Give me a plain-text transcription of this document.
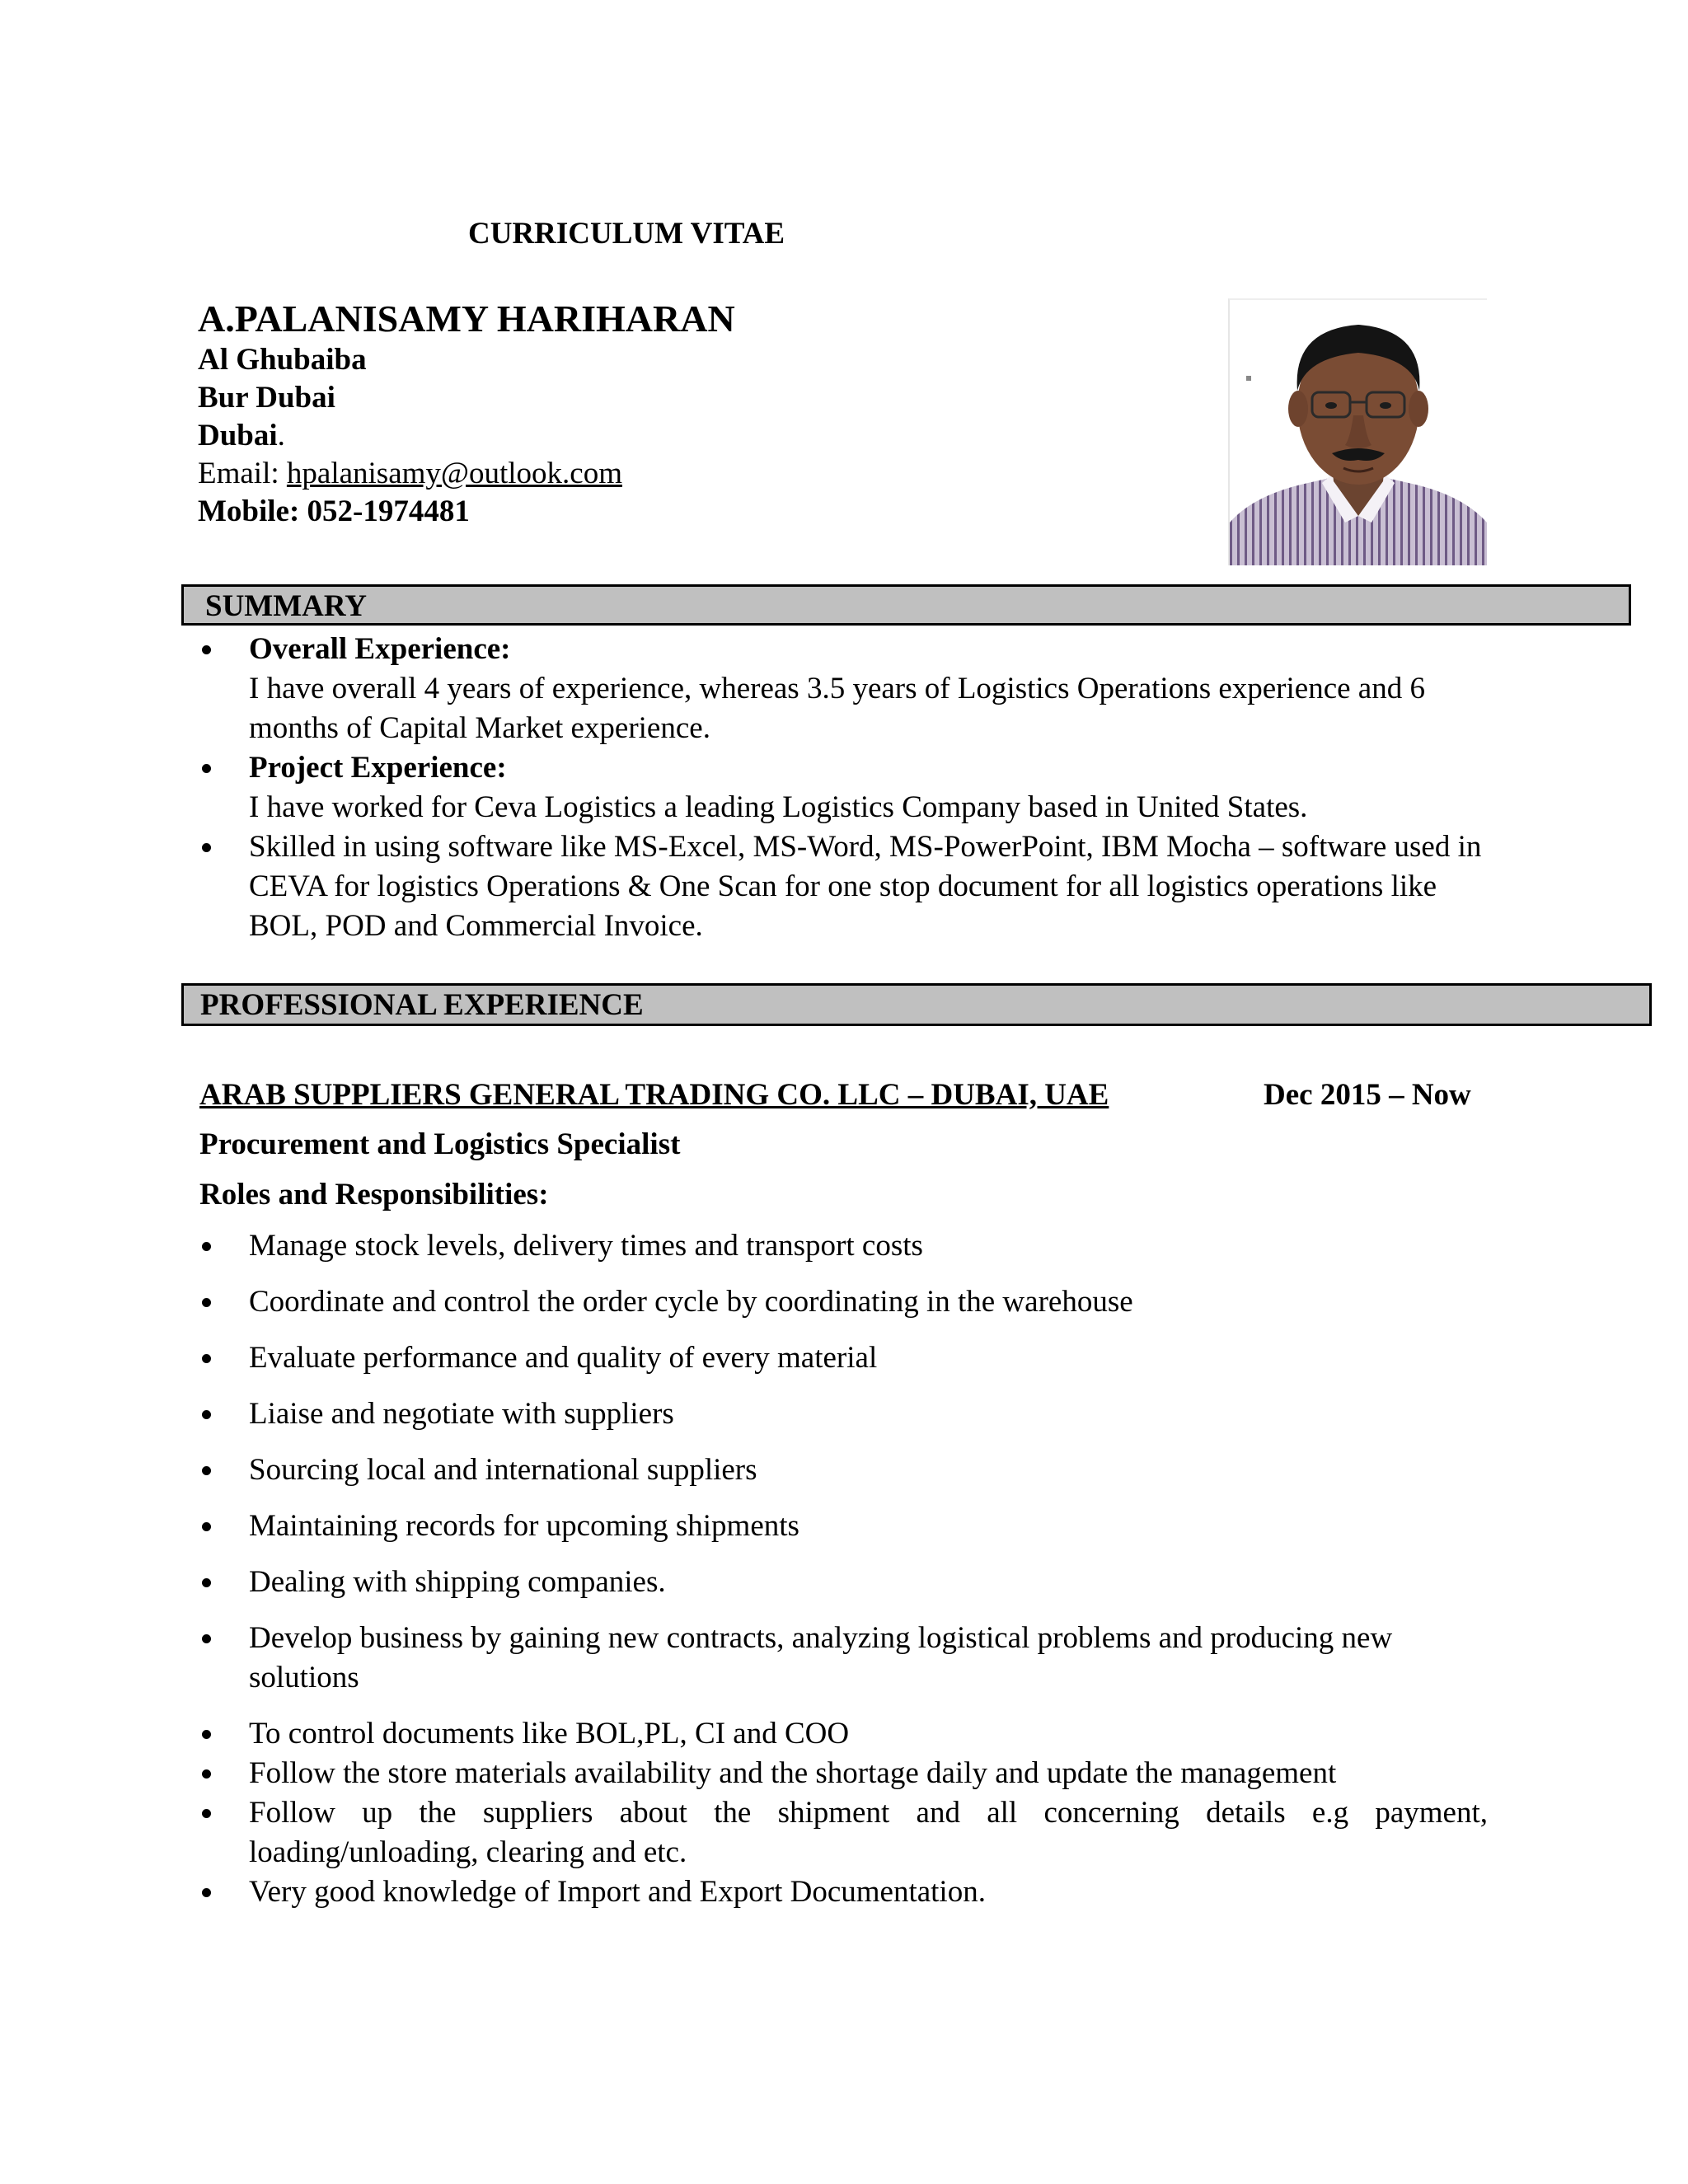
CURRICULUM VITAE
A.PALANISAMY HARIHARAN
Al Ghubaiba
Bur Dubai
Dubai.
Email: hpalanisamy@outlook.com
Mobile: 052-1974481
SUMMARY
Overall Experience:
I have overall 4 years of experience, whereas 3.5 years of Logistics Operations experience and 6 months of Capital Market experience.
Project Experience:
I have worked for Ceva Logistics a leading Logistics Company based in United States.
Skilled in using software like MS-Excel, MS-Word, MS-PowerPoint, IBM Mocha – software used in CEVA for logistics Operations & One Scan for one stop document for all logistics operations like BOL, POD and Commercial Invoice.
PROFESSIONAL EXPERIENCE
ARAB SUPPLIERS GENERAL TRADING CO. LLC – DUBAI, UAE	Dec 2015 – Now
Procurement and Logistics Specialist
Roles and Responsibilities:
Manage stock levels, delivery times and transport costs
Coordinate and control the order cycle by coordinating in the warehouse
Evaluate performance and quality of every material
Liaise and negotiate with suppliers
Sourcing local and international suppliers
Maintaining records for upcoming shipments
Dealing with shipping companies.
Develop business by gaining new contracts, analyzing logistical problems and producing new solutions
To control documents like BOL,PL, CI and COO
Follow the store materials availability and the shortage daily and update the management
Follow up the suppliers about the shipment and all concerning details e.g payment, loading/unloading, clearing and etc.
Very good knowledge of Import and Export Documentation.
